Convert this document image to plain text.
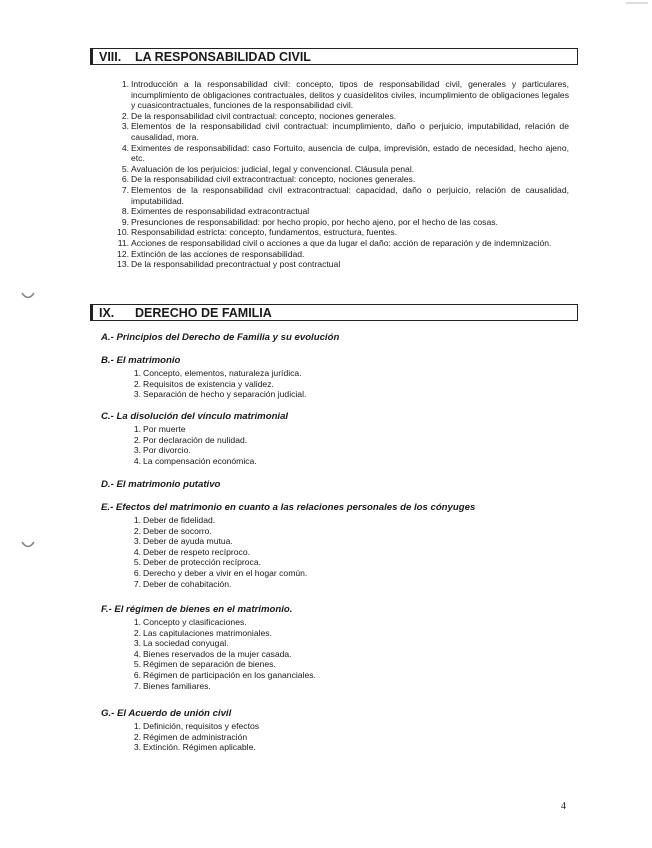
VIII. LA RESPONSABILIDAD CIVIL
1. Introducción a la responsabilidad civil: concepto, tipos de responsabilidad civil, generales y particulares, incumplimiento de obligaciones contractuales, delitos y cuasidelitos civiles, incumplimiento de obligaciones legales y cuasicontractuales, funciones de la responsabilidad civil.
2. De la responsabilidad civil contractual: concepto, nociones generales.
3. Elementos de la responsabilidad civil contractual: incumplimiento, daño o perjuicio, imputabilidad, relación de causalidad, mora.
4. Eximentes de responsabilidad: caso Fortuito, ausencia de culpa, imprevisión, estado de necesidad, hecho ajeno, etc.
5. Avaluación de los perjuicios: judicial, legal y convencional. Cláusula penal.
6. De la responsabilidad civil extracontractual: concepto, nociones generales.
7. Elementos de la responsabilidad civil extracontractual: capacidad, daño o perjuicio, relación de causalidad, imputabilidad.
8. Eximentes de responsabilidad extracontractual
9. Presunciones de responsabilidad: por hecho propio, por hecho ajeno, por el hecho de las cosas.
10. Responsabilidad estricta: concepto, fundamentos, estructura, fuentes.
11. Acciones de responsabilidad civil o acciones a que da lugar el daño: acción de reparación y de indemnización.
12. Extinción de las acciones de responsabilidad.
13. De la responsabilidad precontractual y post contractual
IX. DERECHO DE FAMILIA
A.- Principios del Derecho de Familia y su evolución
B.- El matrimonio
1. Concepto, elementos, naturaleza jurídica.
2. Requisitos de existencia y validez.
3. Separación de hecho y separación judicial.
C.- La disolución del vínculo matrimonial
1. Por muerte
2. Por declaración de nulidad.
3. Por divorcio.
4. La compensación económica.
D.- El matrimonio putativo
E.- Efectos del matrimonio en cuanto a las relaciones personales de los cónyuges
1. Deber de fidelidad.
2. Deber de socorro.
3. Deber de ayuda mutua.
4. Deber de respeto recíproco.
5. Deber de protección recíproca.
6. Derecho y deber a vivir en el hogar común.
7. Deber de cohabitación.
F.- El régimen de bienes en el matrimonio.
1. Concepto y clasificaciones.
2. Las capitulaciones matrimoniales.
3. La sociedad conyugal.
4. Bienes reservados de la mujer casada.
5. Régimen de separación de bienes.
6. Régimen de participación en los gananciales.
7. Bienes familiares.
G.- El Acuerdo de unión civil
1. Definición, requisitos y efectos
2. Régimen de administración
3. Extinción. Régimen aplicable.
4
